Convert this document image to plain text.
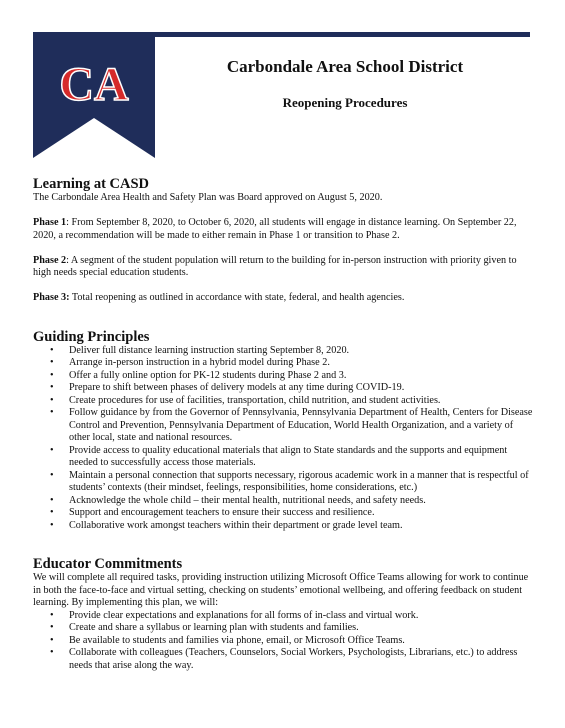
CA	Carbondale Area School District
Reopening Procedures
Learning at CASD

The Carbondale Area Health and Safety Plan was Board approved on August 5, 2020.

Phase 1: From September 8, 2020, to October 6, 2020, all students will engage in distance learning. On September 22, 2020, a recommendation will be made to either remain in Phase 1 or transition to Phase 2.

Phase 2: A segment of the student population will return to the building for in-person instruction with priority given to high needs special education students.

Phase 3: Total reopening as outlined in accordance with state, federal, and health agencies.

Guiding Principles
• Deliver full distance learning instruction starting September 8, 2020.
• Arrange in-person instruction in a hybrid model during Phase 2.
• Offer a fully online option for PK-12 students during Phase 2 and 3.
• Prepare to shift between phases of delivery models at any time during COVID-19.
• Create procedures for use of facilities, transportation, child nutrition, and student activities.
• Follow guidance by from the Governor of Pennsylvania, Pennsylvania Department of Health, Centers for Disease Control and Prevention, Pennsylvania Department of Education, World Health Organization, and a variety of other local, state and national resources.
• Provide access to quality educational materials that align to State standards and the supports and equipment needed to successfully access those materials.
• Maintain a personal connection that supports necessary, rigorous academic work in a manner that is respectful of students’ contexts (their mindset, feelings, responsibilities, home considerations, etc.)
• Acknowledge the whole child – their mental health, nutritional needs, and safety needs.
• Support and encouragement teachers to ensure their success and resilience.
• Collaborative work amongst teachers within their department or grade level team.
Educator Commitments

We will complete all required tasks, providing instruction utilizing Microsoft Office Teams allowing for work to continue in both the face-to-face and virtual setting, checking on students’ emotional wellbeing, and offering feedback on student learning. By implementing this plan, we will:

• Provide clear expectations and explanations for all forms of in-class and virtual work.
• Create and share a syllabus or learning plan with students and families.
• Be available to students and families via phone, email, or Microsoft Office Teams.
• Collaborate with colleagues (Teachers, Counselors, Social Workers, Psychologists, Librarians, etc.) to address needs that arise along the way.
